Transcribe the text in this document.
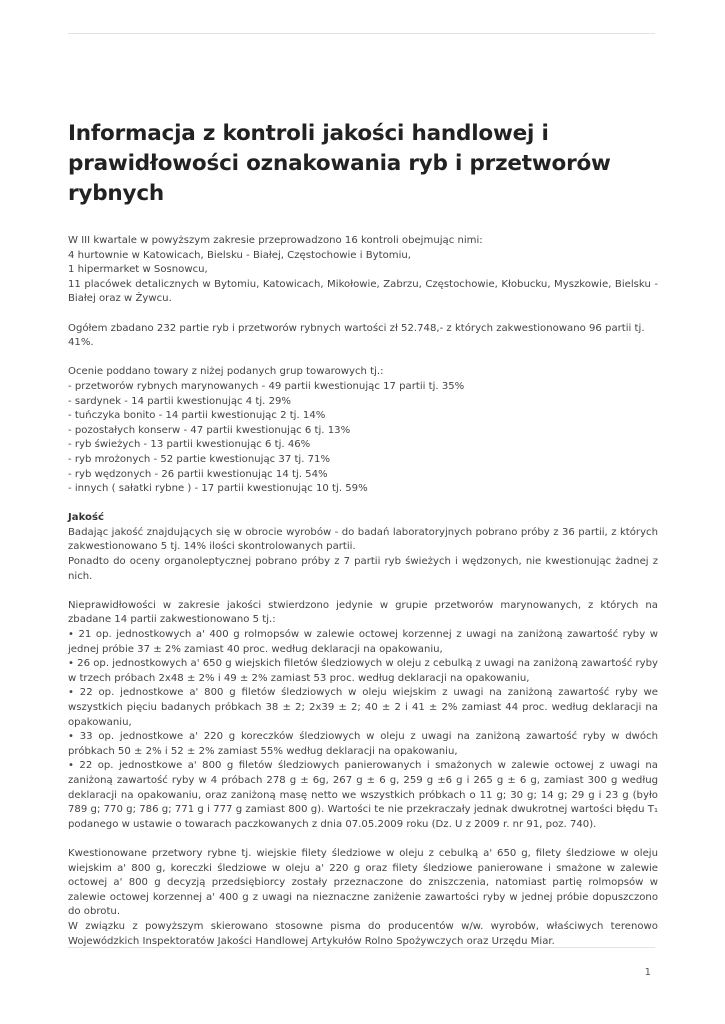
Informacja z kontroli jakości handlowej i prawidłowości oznakowania ryb i przetworów rybnych

W III kwartale w powyższym zakresie przeprowadzono 16 kontroli obejmując nimi:
4 hurtownie w Katowicach, Bielsku - Białej, Częstochowie i Bytomiu,
1 hipermarket w Sosnowcu,
11 placówek detalicznych w Bytomiu, Katowicach, Mikołowie, Zabrzu, Częstochowie, Kłobucku, Myszkowie, Bielsku - Białej oraz w Żywcu.

Ogółem zbadano 232 partie ryb i przetworów rybnych wartości zł 52.748,- z których zakwestionowano 96 partii tj. 41%.

Ocenie poddano towary z niżej podanych grup towarowych tj.:
- przetworów rybnych marynowanych - 49 partii kwestionując 17 partii tj. 35%
- sardynek - 14 partii kwestionując 4 tj. 29%
- tuńczyka bonito - 14 partii kwestionując 2 tj. 14%
- pozostałych konserw - 47 partii kwestionując 6 tj. 13%
- ryb świeżych - 13 partii kwestionując 6 tj. 46%
- ryb mrożonych - 52 partie kwestionując 37 tj. 71%
- ryb wędzonych - 26 partii kwestionując 14 tj. 54%
- innych ( sałatki rybne ) - 17 partii kwestionując 10 tj. 59%

Jakość
Badając jakość znajdujących się w obrocie wyrobów - do badań laboratoryjnych pobrano próby z 36 partii, z których zakwestionowano 5 tj. 14% ilości skontrolowanych partii.
Ponadto do oceny organoleptycznej pobrano próby z 7 partii ryb świeżych i wędzonych, nie kwestionując żadnej z nich.

Nieprawidłowości w zakresie jakości stwierdzono jedynie w grupie przetworów marynowanych, z których na zbadane 14 partii zakwestionowano 5 tj.:
• 21 op. jednostkowych a' 400 g rolmopsów w zalewie octowej korzennej z uwagi na zaniżoną zawartość ryby w jednej próbie 37 ± 2% zamiast 40 proc. według deklaracji na opakowaniu,
• 26 op. jednostkowych a' 650 g wiejskich filetów śledziowych w oleju z cebulką z uwagi na zaniżoną zawartość ryby w trzech próbach 2x48 ± 2% i 49 ± 2% zamiast 53 proc. według deklaracji na opakowaniu,
• 22 op. jednostkowe a' 800 g filetów śledziowych w oleju wiejskim z uwagi na zaniżoną zawartość ryby we wszystkich pięciu badanych próbkach 38 ± 2; 2x39 ± 2; 40 ± 2 i 41 ± 2% zamiast 44 proc. według deklaracji na opakowaniu,
• 33 op. jednostkowe a' 220 g koreczków śledziowych w oleju z uwagi na zaniżoną zawartość ryby w dwóch próbkach 50 ± 2% i 52 ± 2% zamiast 55% według deklaracji na opakowaniu,
• 22 op. jednostkowe a' 800 g filetów śledziowych panierowanych i smażonych w zalewie octowej z uwagi na zaniżoną zawartość ryby w 4 próbach 278 g ± 6g, 267 g ± 6 g, 259 g ±6 g i 265 g ± 6 g, zamiast 300 g według deklaracji na opakowaniu, oraz zaniżoną masę netto we wszystkich próbkach o 11 g; 30 g; 14 g; 29 g i 23 g (było 789 g; 770 g; 786 g; 771 g i 777 g zamiast 800 g). Wartości te nie przekraczały jednak dwukrotnej wartości błędu T₁ podanego w ustawie o towarach paczkowanych z dnia 07.05.2009 roku (Dz. U z 2009 r. nr 91, poz. 740).

Kwestionowane przetwory rybne tj. wiejskie filety śledziowe w oleju z cebulką a' 650 g, filety śledziowe w oleju wiejskim a' 800 g, koreczki śledziowe w oleju a' 220 g oraz filety śledziowe panierowane i smażone w zalewie octowej a' 800 g decyzją przedsiębiorcy zostały przeznaczone do zniszczenia, natomiast partię rolmopsów w zalewie octowej korzennej a' 400 g z uwagi na nieznaczne zaniżenie zawartości ryby w jednej próbie dopuszczono do obrotu.
W związku z powyższym skierowano stosowne pisma do producentów w/w. wyrobów, właściwych terenowo Wojewódzkich Inspektoratów Jakości Handlowej Artykułów Rolno Spożywczych oraz Urzędu Miar.

1
